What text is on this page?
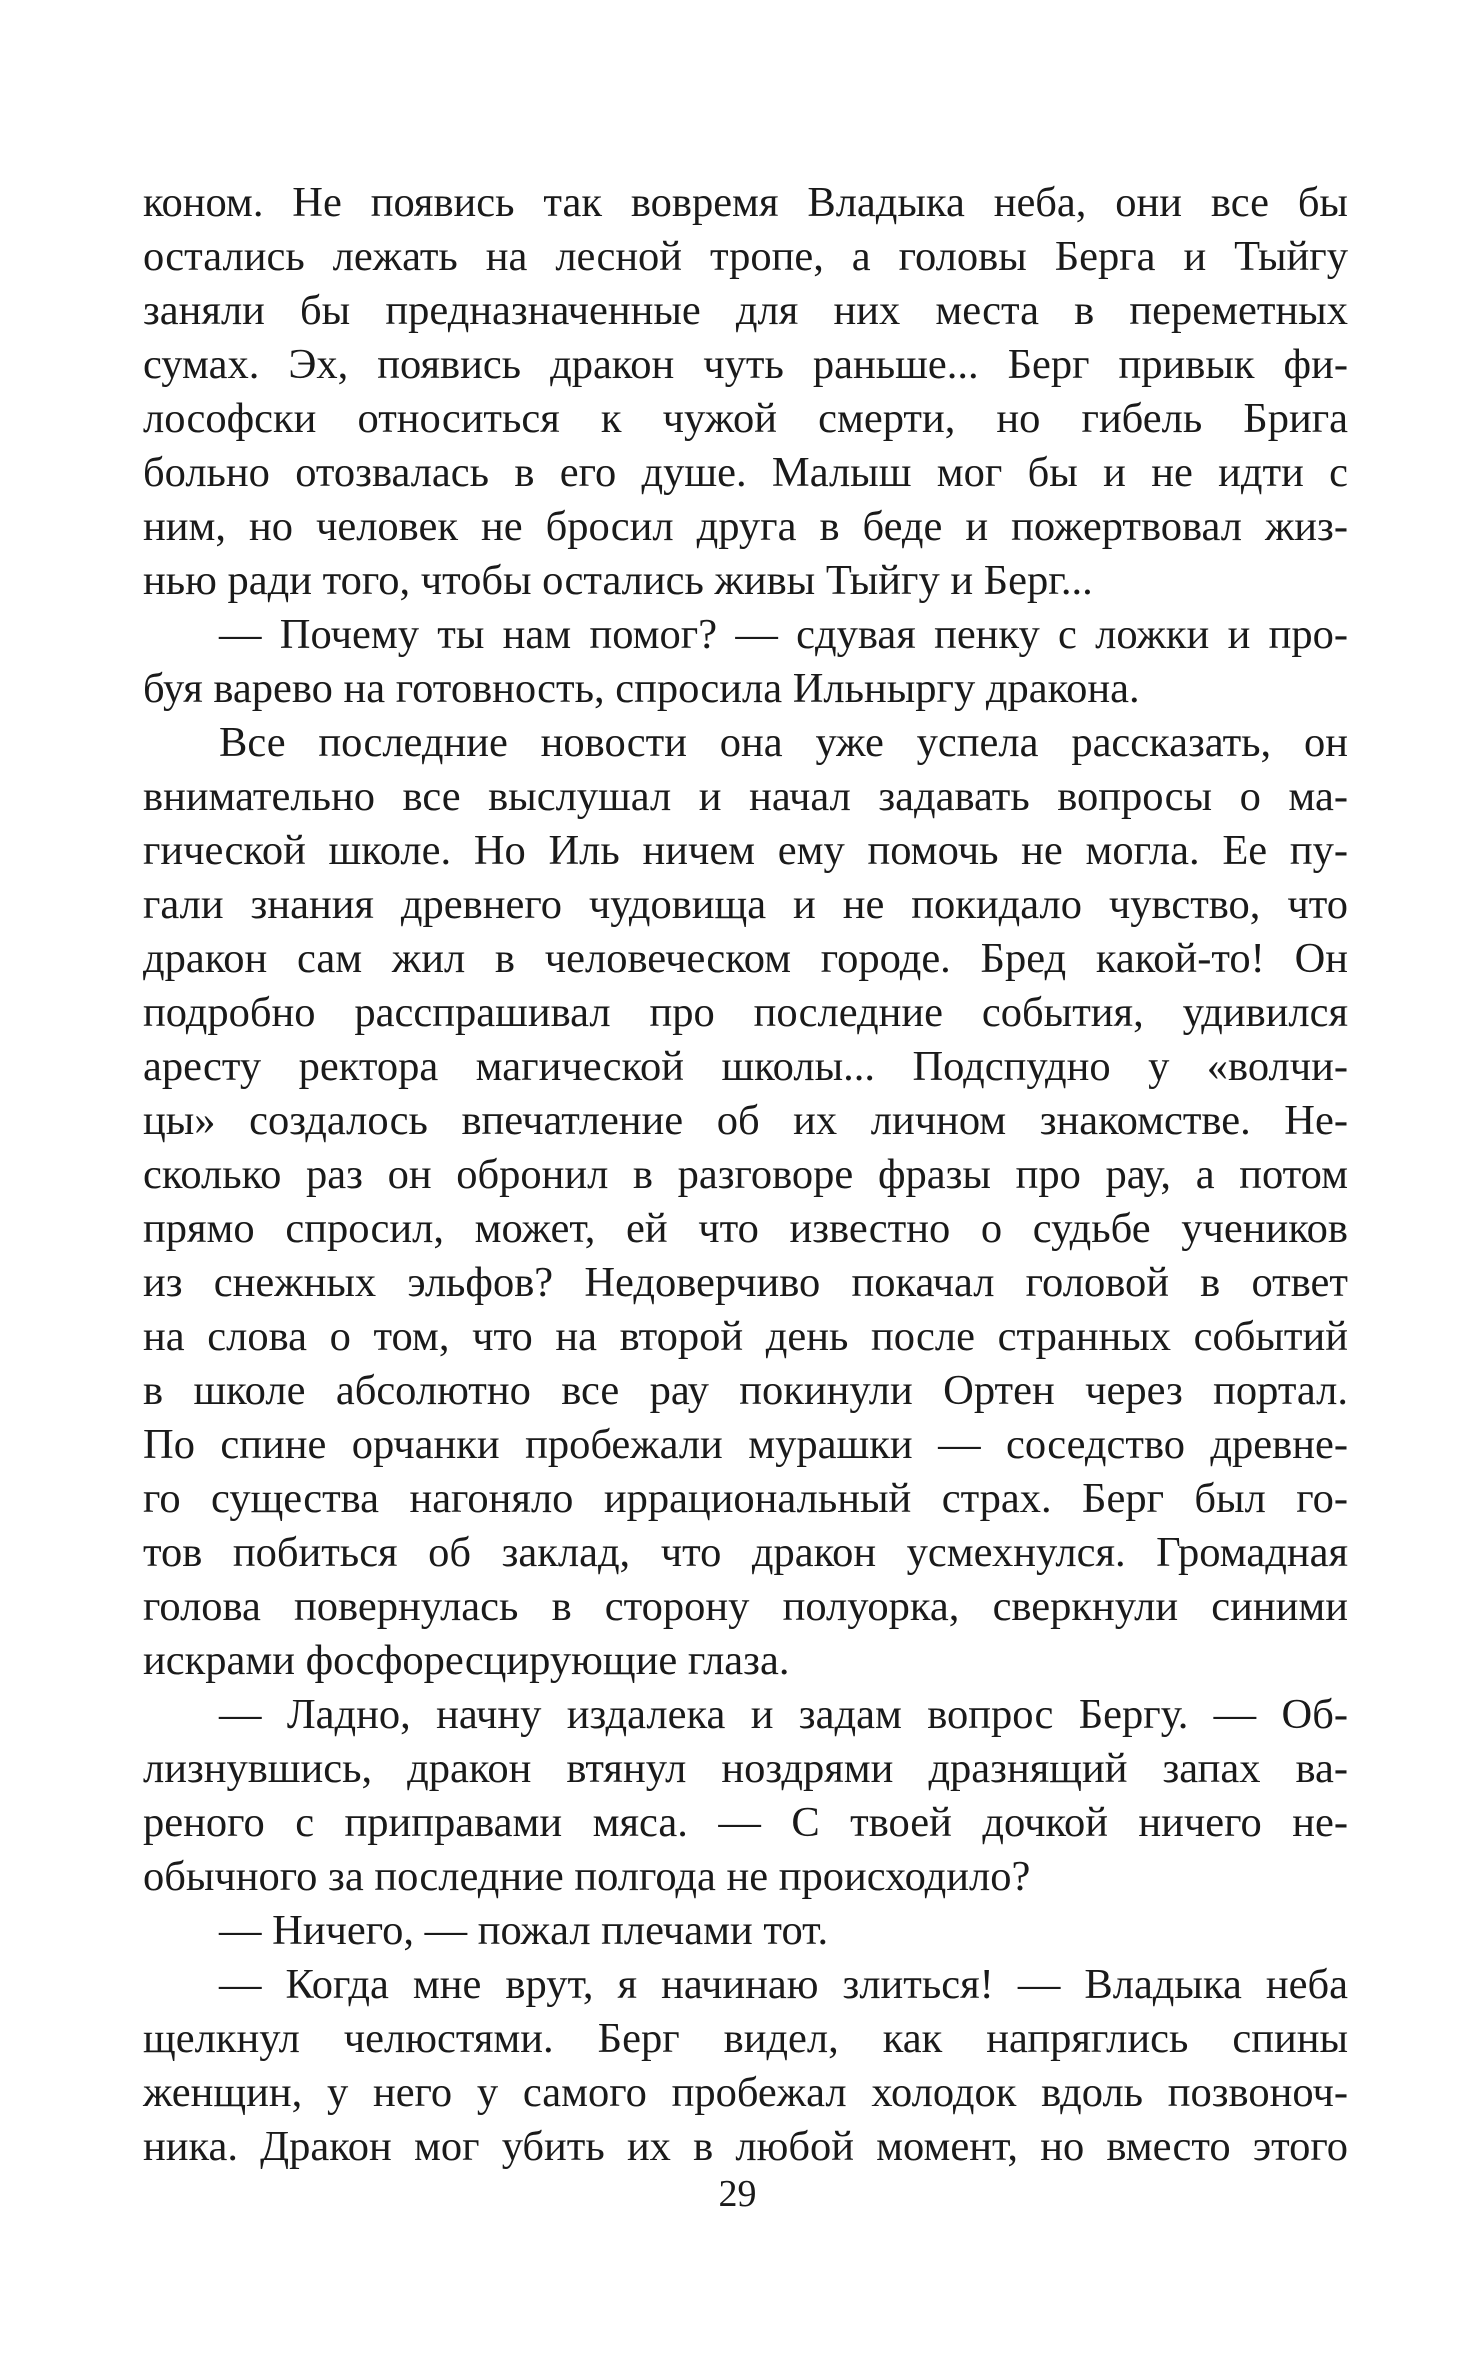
коном. Не появись так вовремя Владыка неба, они все бы
остались лежать на лесной тропе, а головы Берга и Тыйгу
заняли бы предназначенные для них места в переметных
сумах. Эх, появись дракон чуть раньше... Берг привык фи-
лософски относиться к чужой смерти, но гибель Брига
больно отозвалась в его душе. Малыш мог бы и не идти с
ним, но человек не бросил друга в беде и пожертвовал жиз-
нью ради того, чтобы остались живы Тыйгу и Берг...
— Почему ты нам помог? — сдувая пенку с ложки и про-
буя варево на готовность, спросила Ильныргу дракона.
Все последние новости она уже успела рассказать, он
внимательно все выслушал и начал задавать вопросы о ма-
гической школе. Но Иль ничем ему помочь не могла. Ее пу-
гали знания древнего чудовища и не покидало чувство, что
дракон сам жил в человеческом городе. Бред какой-то! Он
подробно расспрашивал про последние события, удивился
аресту ректора магической школы... Подспудно у «волчи-
цы» создалось впечатление об их личном знакомстве. Не-
сколько раз он обронил в разговоре фразы про рау, а потом
прямо спросил, может, ей что известно о судьбе учеников
из снежных эльфов? Недоверчиво покачал головой в ответ
на слова о том, что на второй день после странных событий
в школе абсолютно все рау покинули Ортен через портал.
По спине орчанки пробежали мурашки — соседство древне-
го существа нагоняло иррациональный страх. Берг был го-
тов побиться об заклад, что дракон усмехнулся. Громадная
голова повернулась в сторону полуорка, сверкнули синими
искрами фосфоресцирующие глаза.
— Ладно, начну издалека и задам вопрос Бергу. — Об-
лизнувшись, дракон втянул ноздрями дразнящий запах ва-
реного с приправами мяса. — С твоей дочкой ничего не-
обычного за последние полгода не происходило?
— Ничего, — пожал плечами тот.
— Когда мне врут, я начинаю злиться! — Владыка неба
щелкнул челюстями. Берг видел, как напряглись спины
женщин, у него у самого пробежал холодок вдоль позвоноч-
ника. Дракон мог убить их в любой момент, но вместо этого
29
